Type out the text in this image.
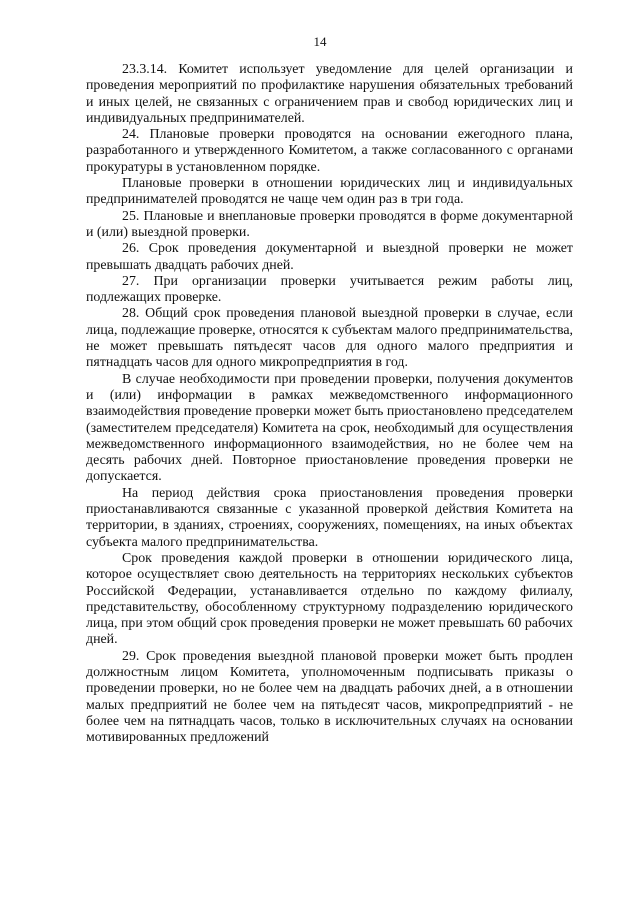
14

23.3.14. Комитет использует уведомление для целей организации и проведения мероприятий по профилактике нарушения обязательных требований и иных целей, не связанных с ограничением прав и свобод юридических лиц и индивидуальных предпринимателей.

24. Плановые проверки проводятся на основании ежегодного плана, разработанного и утвержденного Комитетом, а также согласованного с органами прокуратуры в установленном порядке.

Плановые проверки в отношении юридических лиц и индивидуальных предпринимателей проводятся не чаще чем один раз в три года.

25. Плановые и внеплановые проверки проводятся в форме документарной и (или) выездной проверки.

26. Срок проведения документарной и выездной проверки не может превышать двадцать рабочих дней.

27. При организации проверки учитывается режим работы лиц, подлежащих проверке.

28. Общий срок проведения плановой выездной проверки в случае, если лица, подлежащие проверке, относятся к субъектам малого предпринимательства, не может превышать пятьдесят часов для одного малого предприятия и пятнадцать часов для одного микропредприятия в год.

В случае необходимости при проведении проверки, получения документов и (или) информации в рамках межведомственного информационного взаимодействия проведение проверки может быть приостановлено председателем (заместителем председателя) Комитета на срок, необходимый для осуществления межведомственного информационного взаимодействия, но не более чем на десять рабочих дней. Повторное приостановление проведения проверки не допускается.

На период действия срока приостановления проведения проверки приостанавливаются связанные с указанной проверкой действия Комитета на территории, в зданиях, строениях, сооружениях, помещениях, на иных объектах субъекта малого предпринимательства.

Срок проведения каждой проверки в отношении юридического лица, которое осуществляет свою деятельность на территориях нескольких субъектов Российской Федерации, устанавливается отдельно по каждому филиалу, представительству, обособленному структурному подразделению юридического лица, при этом общий срок проведения проверки не может превышать 60 рабочих дней.

29. Срок проведения выездной плановой проверки может быть продлен должностным лицом Комитета, уполномоченным подписывать приказы о проведении проверки, но не более чем на двадцать рабочих дней, а в отношении малых предприятий не более чем на пятьдесят часов, микропредприятий - не более чем на пятнадцать часов, только в исключительных случаях на основании мотивированных предложений
